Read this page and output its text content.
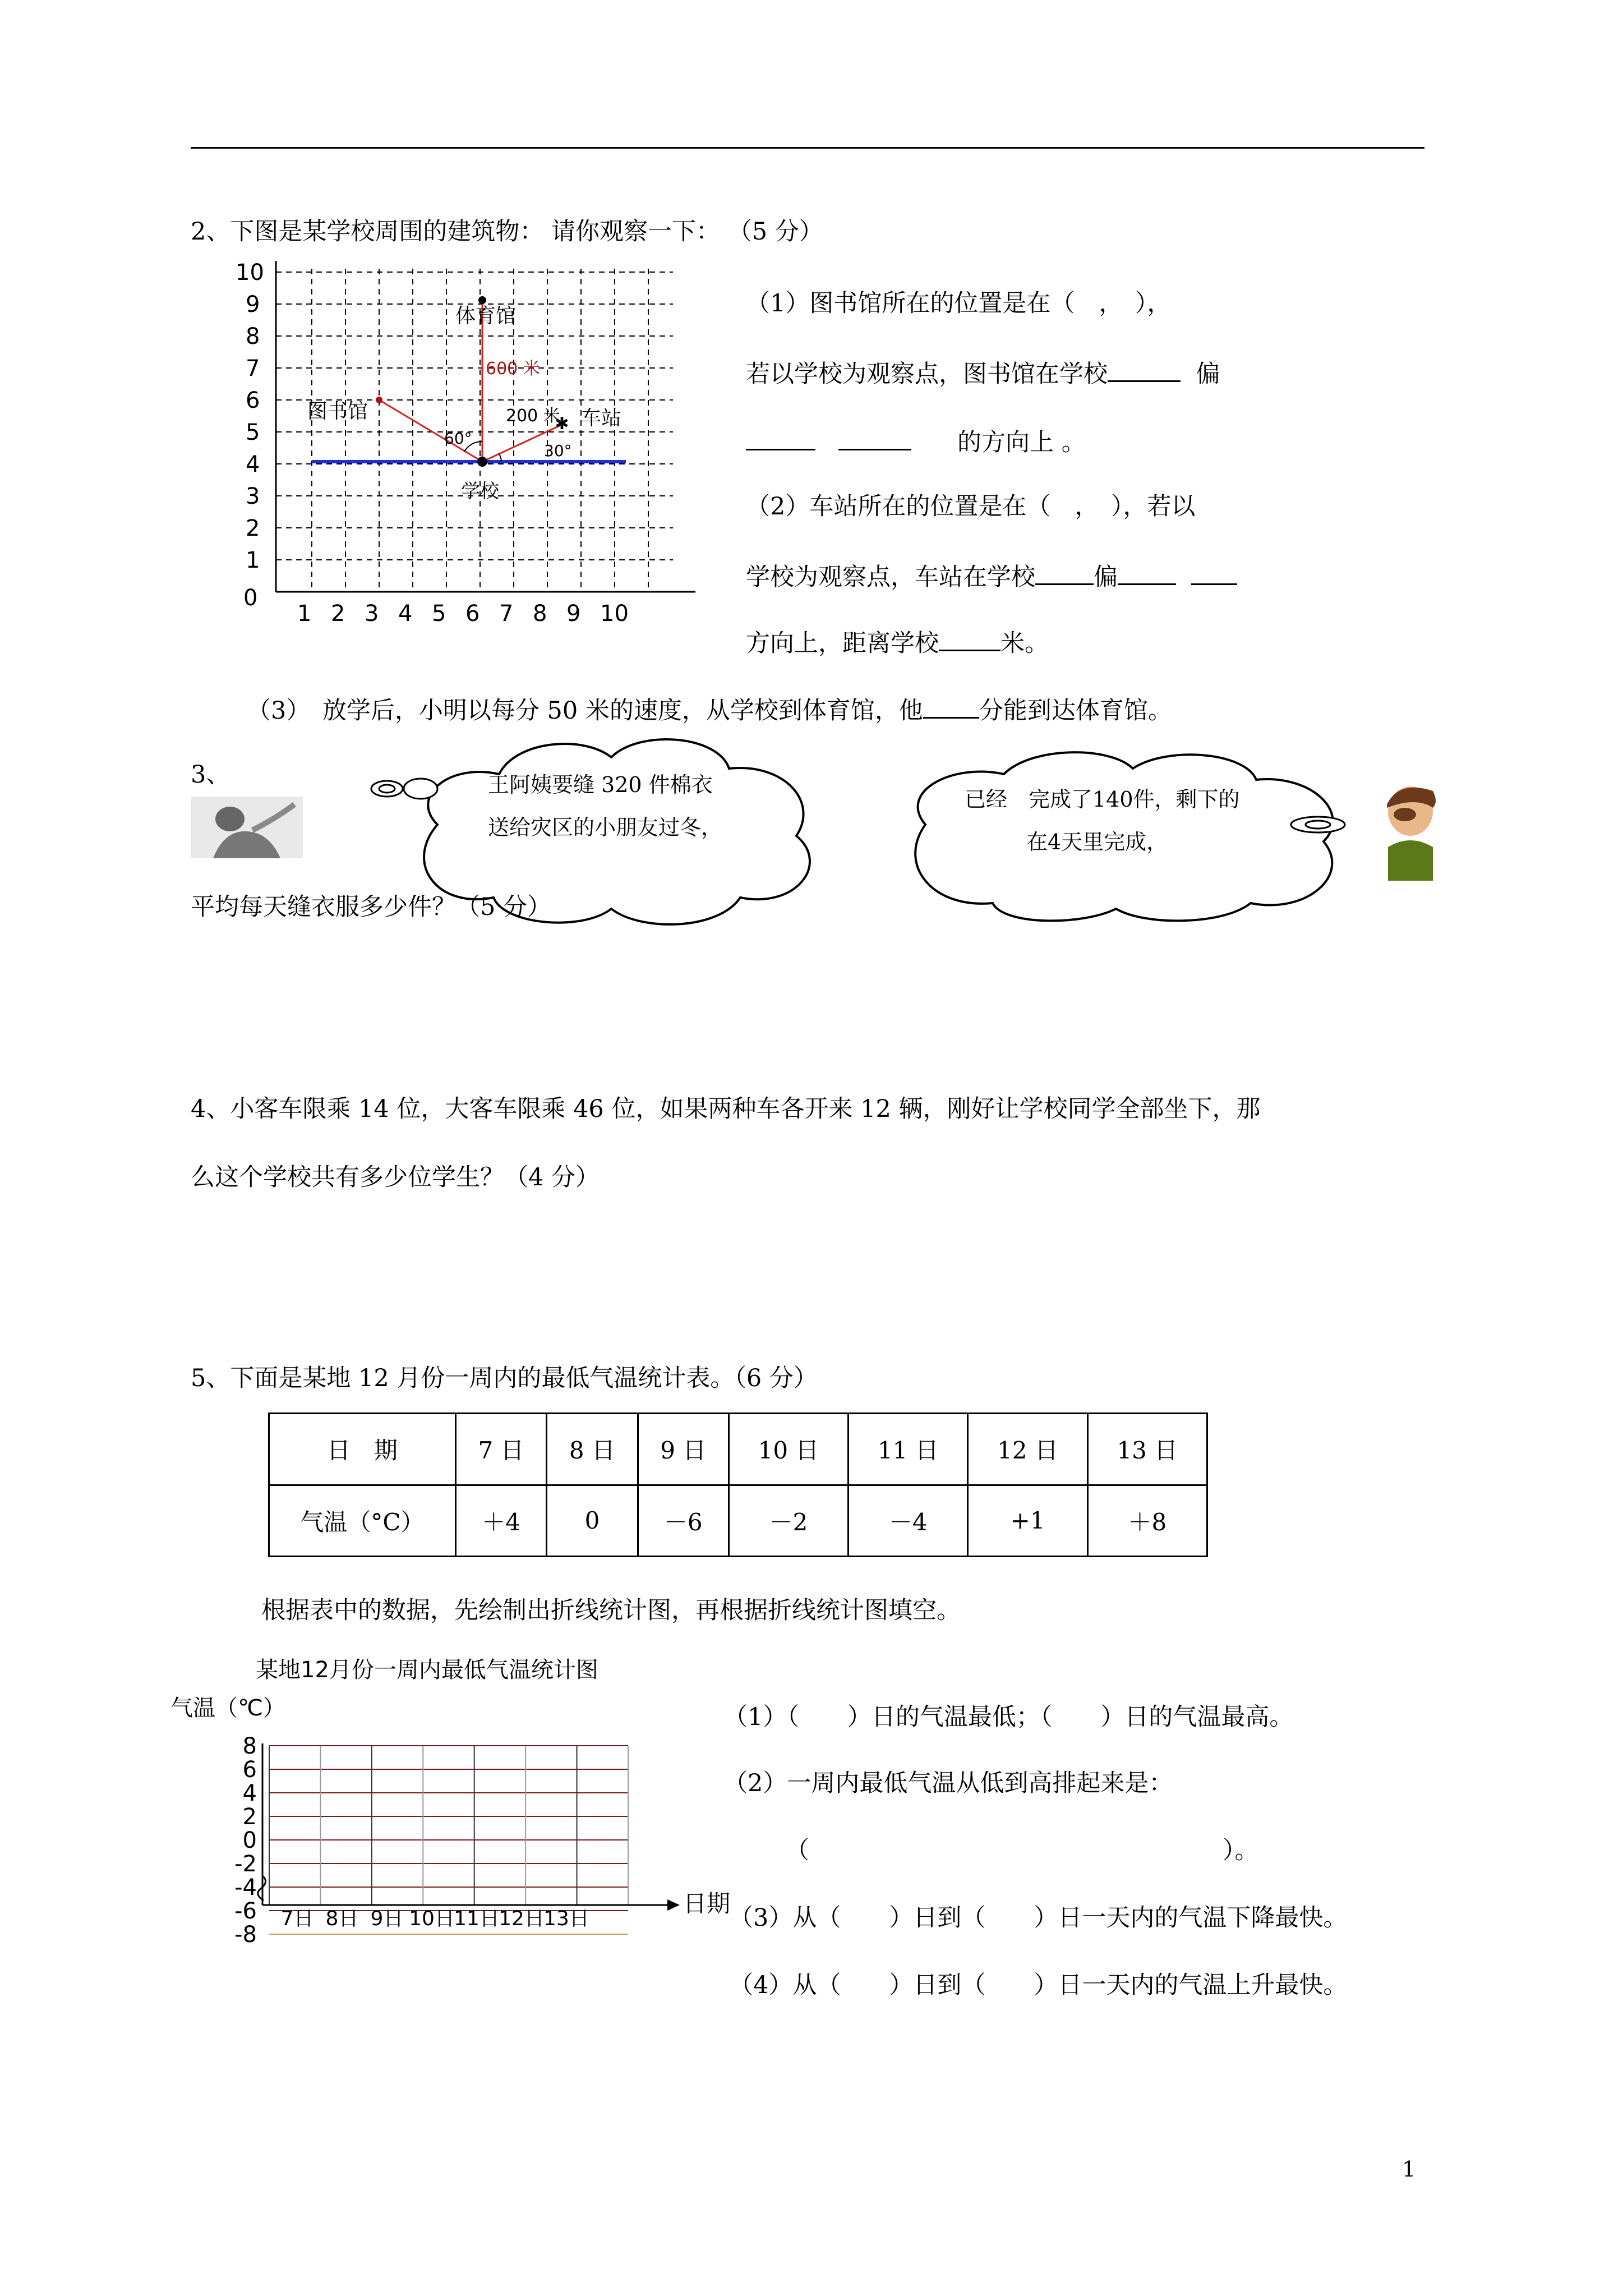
2、下图是某学校周围的建筑物： 请你观察一下： （5 分）
10
9
8
7
6
5
4
3
2
1
0
1 2 3 4 5 6 7 8 9 10
✱
体育馆
图书馆	车站
学校
600 米
200 米
60°
30°
（1）图书馆所在的位置是在（　，　），
若以学校为观察点，图书馆在学校	偏
的方向上 。
（2）车站所在的位置是在（　，　），若以
学校为观察点，车站在学校 偏
方向上，距离学校	米。
（3）　放学后，小明以每分 50 米的速度，从学校到体育馆，他 分能到达体育馆。
3、	王阿姨要缝 320 件棉衣
送给灾区的小朋友过冬，
已经　完成了140件，剩下的
在4天里完成，
平均每天缝衣服多少件？（5 分）
4、小客车限乘 14 位，大客车限乘 46 位，如果两种车各开来 12 辆，刚好让学校同学全部坐下，那
么这个学校共有多少位学生？（4 分）
5、下面是某地 12 月份一周内的最低气温统计表。（6 分）
日　期	7 日	8 日	9 日	10 日	11 日	12 日	13 日
气温（°C）	＋4	0	－6	－2	－4	+1	＋8
根据表中的数据，先绘制出折线统计图，再根据折线统计图填空。
某地12月份一周内最低气温统计图
气温（℃）
8
6
4
2
0
-2
-4
-6
-8
7日 8日 9日 10日
11日
12日
13日
日期
（1）（　　）日的气温最低；（　　）日的气温最高。
（2）一周内最低气温从低到高排起来是：
（	）。
（3）从（　　）日到（　　）日一天内的气温下降最快。
（4）从（　　）日到（　　）日一天内的气温上升最快。
1
